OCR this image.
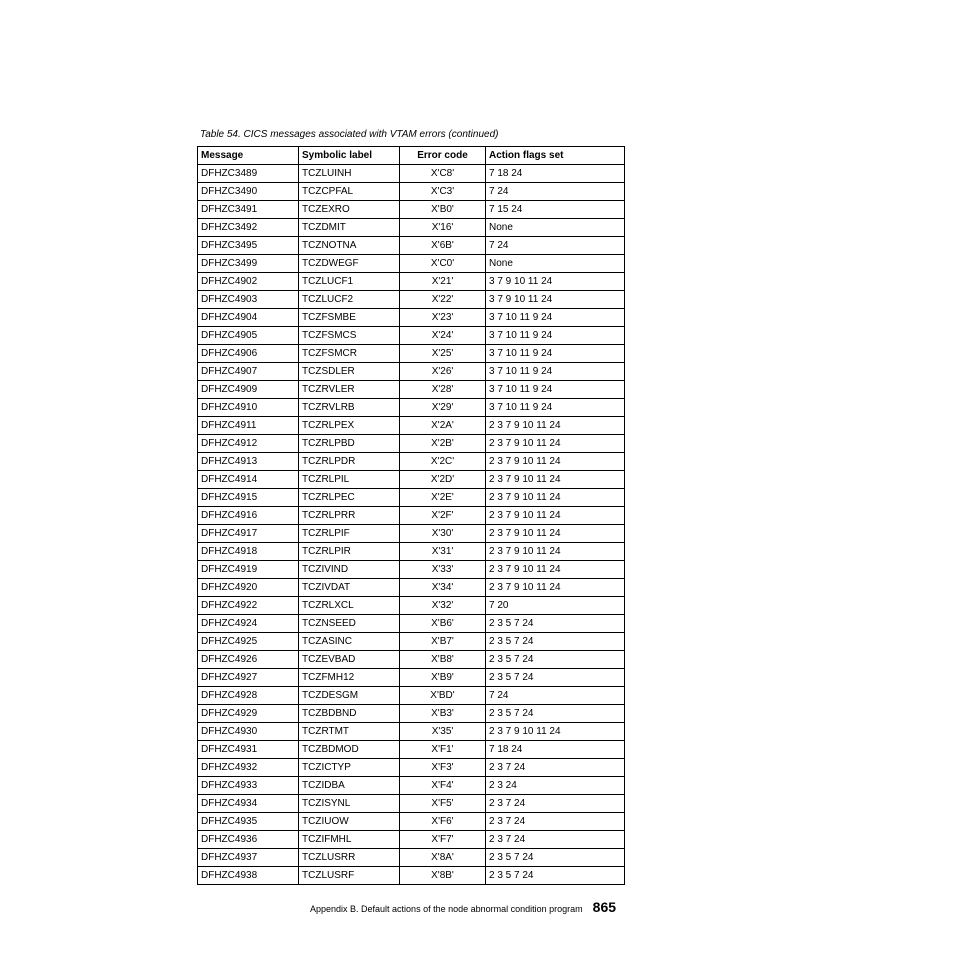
Table 54. CICS messages associated with VTAM errors (continued)
Message	Symbolic label	Error code	Action flags set
DFHZC3489	TCZLUINH	X'C8'	7 18 24
DFHZC3490	TCZCPFAL	X'C3'	7 24
DFHZC3491	TCZEXRO	X'B0'	7 15 24
DFHZC3492	TCZDMIT	X'16'	None
DFHZC3495	TCZNOTNA	X'6B'	7 24
DFHZC3499	TCZDWEGF	X'C0'	None
DFHZC4902	TCZLUCF1	X'21'	3 7 9 10 11 24
DFHZC4903	TCZLUCF2	X'22'	3 7 9 10 11 24
DFHZC4904	TCZFSMBE	X'23'	3 7 10 11 9 24
DFHZC4905	TCZFSMCS	X'24'	3 7 10 11 9 24
DFHZC4906	TCZFSMCR	X'25'	3 7 10 11 9 24
DFHZC4907	TCZSDLER	X'26'	3 7 10 11 9 24
DFHZC4909	TCZRVLER	X'28'	3 7 10 11 9 24
DFHZC4910	TCZRVLRB	X'29'	3 7 10 11 9 24
DFHZC4911	TCZRLPEX	X'2A'	2 3 7 9 10 11 24
DFHZC4912	TCZRLPBD	X'2B'	2 3 7 9 10 11 24
DFHZC4913	TCZRLPDR	X'2C'	2 3 7 9 10 11 24
DFHZC4914	TCZRLPIL	X'2D'	2 3 7 9 10 11 24
DFHZC4915	TCZRLPEC	X'2E'	2 3 7 9 10 11 24
DFHZC4916	TCZRLPRR	X'2F'	2 3 7 9 10 11 24
DFHZC4917	TCZRLPIF	X'30'	2 3 7 9 10 11 24
DFHZC4918	TCZRLPIR	X'31'	2 3 7 9 10 11 24
DFHZC4919	TCZIVIND	X'33'	2 3 7 9 10 11 24
DFHZC4920	TCZIVDAT	X'34'	2 3 7 9 10 11 24
DFHZC4922	TCZRLXCL	X'32'	7 20
DFHZC4924	TCZNSEED	X'B6'	2 3 5 7 24
DFHZC4925	TCZASINC	X'B7'	2 3 5 7 24
DFHZC4926	TCZEVBAD	X'B8'	2 3 5 7 24
DFHZC4927	TCZFMH12	X'B9'	2 3 5 7 24
DFHZC4928	TCZDESGM	X'BD'	7 24
DFHZC4929	TCZBDBND	X'B3'	2 3 5 7 24
DFHZC4930	TCZRTMT	X'35'	2 3 7 9 10 11 24
DFHZC4931	TCZBDMOD	X'F1'	7 18 24
DFHZC4932	TCZICTYP	X'F3'	2 3 7 24
DFHZC4933	TCZIDBA	X'F4'	2 3 24
DFHZC4934	TCZISYNL	X'F5'	2 3 7 24
DFHZC4935	TCZIUOW	X'F6'	2 3 7 24
DFHZC4936	TCZIFMHL	X'F7'	2 3 7 24
DFHZC4937	TCZLUSRR	X'8A'	2 3 5 7 24
DFHZC4938	TCZLUSRF	X'8B'	2 3 5 7 24
Appendix B. Default actions of the node abnormal condition program 865
